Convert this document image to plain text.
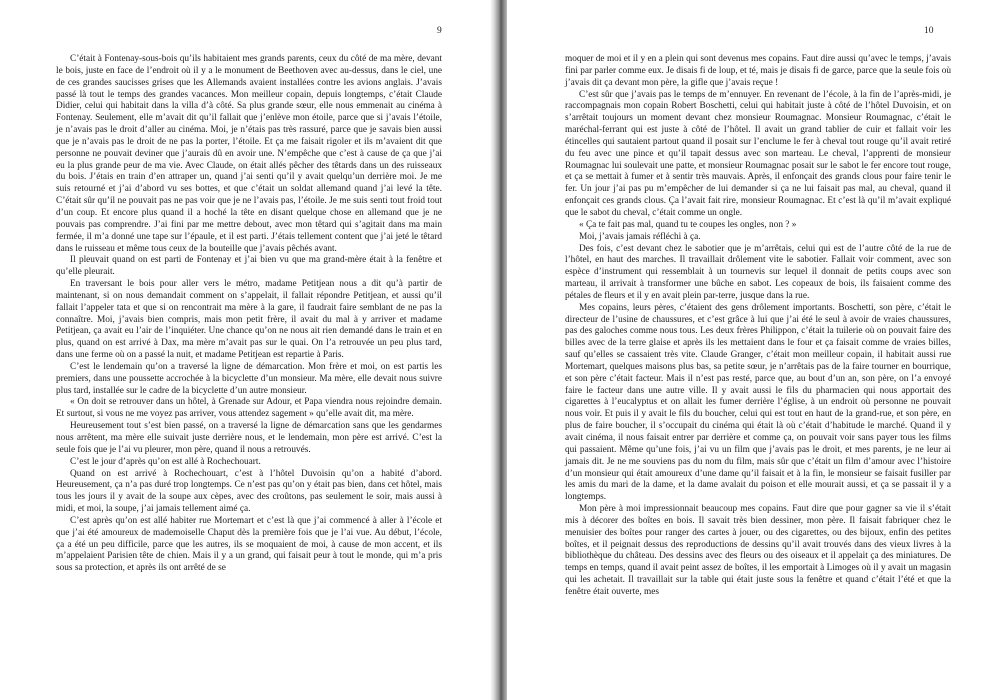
9

C’était à Fontenay-sous-bois qu’ils habitaient mes grands parents, ceux du côté de ma mère, devant le bois, juste en face de l’endroit où il y a le monument de Beethoven avec au-dessus, dans le ciel, une de ces grandes saucisses grises que les Allemands avaient installées contre les avions anglais. J’avais passé là tout le temps des grandes vacances. Mon meilleur copain, depuis longtemps, c’était Claude Didier, celui qui habitait dans la villa d’à côté. Sa plus grande sœur, elle nous emmenait au cinéma à Fontenay. Seulement, elle m’avait dit qu’il fallait que j’enlève mon étoile, parce que si j’avais l’étoile, je n’avais pas le droit d’aller au cinéma. Moi, je n’étais pas très rassuré, parce que je savais bien aussi que je n’avais pas le droit de ne pas la porter, l’étoile. Et ça me faisait rigoler et ils m’avaient dit que personne ne pouvait deviner que j’aurais dû en avoir une. N’empêche que c’est à cause de ça que j’ai eu la plus grande peur de ma vie. Avec Claude, on était allés pêcher des têtards dans un des ruisseaux du bois. J’étais en train d’en attraper un, quand j’ai senti qu’il y avait quelqu’un derrière moi. Je me suis retourné et j’ai d’abord vu ses bottes, et que c’était un soldat allemand quand j’ai levé la tête. C’était sûr qu’il ne pouvait pas ne pas voir que je ne l’avais pas, l’étoile. Je me suis senti tout froid tout d’un coup. Et encore plus quand il a hoché la tête en disant quelque chose en allemand que je ne pouvais pas comprendre. J’ai fini par me mettre debout, avec mon têtard qui s’agitait dans ma main fermée, il m’a donné une tape sur l’épaule, et il est parti. J’étais tellement content que j’ai jeté le têtard dans le ruisseau et même tous ceux de la bouteille que j’avais pêchés avant.

Il pleuvait quand on est parti de Fontenay et j’ai bien vu que ma grand-mère était à la fenêtre et qu’elle pleurait.

En traversant le bois pour aller vers le métro, madame Petitjean nous a dit qu’à partir de maintenant, si on nous demandait comment on s’appelait, il fallait répondre Petitjean, et aussi qu’il fallait l’appeler tata et que si on rencontrait ma mère à la gare, il faudrait faire semblant de ne pas la connaître. Moi, j’avais bien compris, mais mon petit frère, il avait du mal à y arriver et madame Petitjean, ça avait eu l’air de l’inquiéter. Une chance qu’on ne nous ait rien demandé dans le train et en plus, quand on est arrivé à Dax, ma mère m’avait pas sur le quai. On l’a retrouvée un peu plus tard, dans une ferme où on a passé la nuit, et madame Petitjean est repartie à Paris.

C’est le lendemain qu’on a traversé la ligne de démarcation. Mon frère et moi, on est partis les premiers, dans une poussette accrochée à la bicyclette d’un monsieur. Ma mère, elle devait nous suivre plus tard, installée sur le cadre de la bicyclette d’un autre monsieur.

« On doit se retrouver dans un hôtel, à Grenade sur Adour, et Papa viendra nous rejoindre demain. Et surtout, si vous ne me voyez pas arriver, vous attendez sagement » qu’elle avait dit, ma mère.

Heureusement tout s’est bien passé, on a traversé la ligne de démarcation sans que les gendarmes nous arrêtent, ma mère elle suivait juste derrière nous, et le lendemain, mon père est arrivé. C’est la seule fois que je l’ai vu pleurer, mon père, quand il nous a retrouvés.

C’est le jour d’après qu’on est allé à Rochechouart.

Quand on est arrivé à Rochechouart, c’est à l’hôtel Duvoisin qu’on a habité d’abord. Heureusement, ça n’a pas duré trop longtemps. Ce n’est pas qu’on y était pas bien, dans cet hôtel, mais tous les jours il y avait de la soupe aux cèpes, avec des croûtons, pas seulement le soir, mais aussi à midi, et moi, la soupe, j’ai jamais tellement aimé ça.

C’est après qu’on est allé habiter rue Mortemart et c’est là que j’ai commencé à aller à l’école et que j’ai été amoureux de mademoiselle Chaput dès la première fois que je l’ai vue. Au début, l’école, ça a été un peu difficile, parce que les autres, ils se moquaient de moi, à cause de mon accent, et ils m’appelaient Parisien tête de chien. Mais il y a un grand, qui faisait peur à tout le monde, qui m’a pris sous sa protection, et après ils ont arrêté de se

10

moquer de moi et il y en a plein qui sont devenus mes copains. Faut dire aussi qu’avec le temps, j’avais fini par parler comme eux. Je disais fi de loup, et té, mais je disais fi de garce, parce que la seule fois où j’avais dit ça devant mon père, la gifle que j’avais reçue !

C’est sûr que j’avais pas le temps de m’ennuyer. En revenant de l’école, à la fin de l’après-midi, je raccompagnais mon copain Robert Boschetti, celui qui habitait juste à côté de l’hôtel Duvoisin, et on s’arrêtait toujours un moment devant chez monsieur Roumagnac. Monsieur Roumagnac, c’était le maréchal-ferrant qui est juste à côté de l’hôtel. Il avait un grand tablier de cuir et fallait voir les étincelles qui sautaient partout quand il posait sur l’enclume le fer à cheval tout rouge qu’il avait retiré du feu avec une pince et qu’il tapait dessus avec son marteau. Le cheval, l’apprenti de monsieur Roumagnac lui soulevait une patte, et monsieur Roumagnac posait sur le sabot le fer encore tout rouge, et ça se mettait à fumer et à sentir très mauvais. Après, il enfonçait des grands clous pour faire tenir le fer. Un jour j’ai pas pu m’empêcher de lui demander si ça ne lui faisait pas mal, au cheval, quand il enfonçait ces grands clous. Ça l’avait fait rire, monsieur Roumagnac. Et c’est là qu’il m’avait expliqué que le sabot du cheval, c’était comme un ongle.

« Ça te fait pas mal, quand tu te coupes les ongles, non ? »

Moi, j’avais jamais réfléchi à ça.

Des fois, c’est devant chez le sabotier que je m’arrêtais, celui qui est de l’autre côté de la rue de l’hôtel, en haut des marches. Il travaillait drôlement vite le sabotier. Fallait voir comment, avec son espèce d’instrument qui ressemblait à un tournevis sur lequel il donnait de petits coups avec son marteau, il arrivait à transformer une bûche en sabot. Les copeaux de bois, ils faisaient comme des pétales de fleurs et il y en avait plein par-terre, jusque dans la rue.

Mes copains, leurs pères, c’étaient des gens drôlement importants. Boschetti, son père, c’était le directeur de l’usine de chaussures, et c’est grâce à lui que j’ai été le seul à avoir de vraies chaussures, pas des galoches comme nous tous. Les deux frères Philippon, c’était la tuilerie où on pouvait faire des billes avec de la terre glaise et après ils les mettaient dans le four et ça faisait comme de vraies billes, sauf qu’elles se cassaient très vite. Claude Granger, c’était mon meilleur copain, il habitait aussi rue Mortemart, quelques maisons plus bas, sa petite sœur, je n’arrêtais pas de la faire tourner en bourrique, et son père c’était facteur. Mais il n’est pas resté, parce que, au bout d’un an, son père, on l’a envoyé faire le facteur dans une autre ville. Il y avait aussi le fils du pharmacien qui nous apportait des cigarettes à l’eucalyptus et on allait les fumer derrière l’église, à un endroit où personne ne pouvait nous voir. Et puis il y avait le fils du boucher, celui qui est tout en haut de la grand-rue, et son père, en plus de faire boucher, il s’occupait du cinéma qui était là où c’était d’habitude le marché. Quand il y avait cinéma, il nous faisait entrer par derrière et comme ça, on pouvait voir sans payer tous les films qui passaient. Même qu’une fois, j’ai vu un film que j’avais pas le droit, et mes parents, je ne leur ai jamais dit. Je ne me souviens pas du nom du film, mais sûr que c’était un film d’amour avec l’histoire d’un monsieur qui était amoureux d’une dame qu’il faisait et à la fin, le monsieur se faisait fusiller par les amis du mari de la dame, et la dame avalait du poison et elle mourait aussi, et ça se passait il y a longtemps.

Mon père à moi impressionnait beaucoup mes copains. Faut dire que pour gagner sa vie il s’était mis à décorer des boîtes en bois. Il savait très bien dessiner, mon père. Il faisait fabriquer chez le menuisier des boîtes pour ranger des cartes à jouer, ou des cigarettes, ou des bijoux, enfin des petites boîtes, et il peignait dessus des reproductions de dessins qu’il avait trouvés dans des vieux livres à la bibliothèque du château. Des dessins avec des fleurs ou des oiseaux et il appelait ça des miniatures. De temps en temps, quand il avait peint assez de boîtes, il les emportait à Limoges où il y avait un magasin qui les achetait. Il travaillait sur la table qui était juste sous la fenêtre et quand c’était l’été et que la fenêtre était ouverte, mes
